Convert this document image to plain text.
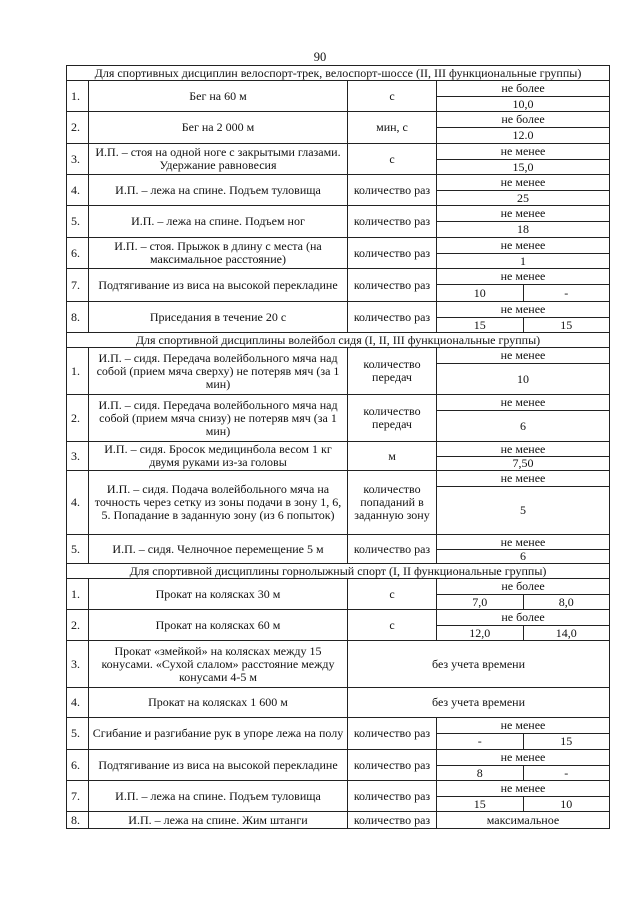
90
Для спортивных дисциплин велоспорт-трек, велоспорт-шоссе (II, III функциональные группы)			
1.	Бег на 60 м	с	не более
10,0

2.	Бег на 2 000 м	мин, с	не более
12.0

3.	И.П. – стоя на одной ноге с закрытыми глазами. Удержание равновесия	с	не менее
15,0

4.	И.П. – лежа на спине. Подъем туловища	количество раз	не менее
25

5.	И.П. – лежа на спине. Подъем ног	количество раз	не менее
18

6.	И.П. – стоя. Прыжок в длину с места (на максимальное расстояние)	количество раз	не менее
1

7.	Подтягивание из виса на высокой перекладине	количество раз	не менее
10 -

8.	Приседания в течение 20 с	количество раз	не менее
15 15

Для спортивной дисциплины волейбол сидя (I, II, III функциональные группы)			
1.	И.П. – сидя. Передача волейбольного мяча над собой (прием мяча сверху) не потеряв мяч (за 1 мин)	количество передач	не менее
10

2.	И.П. – сидя. Передача волейбольного мяча над собой (прием мяча снизу) не потеряв мяч (за 1 мин)	количество передач	не менее
6

3.	И.П. – сидя. Бросок медицинбола весом 1 кг двумя руками из-за головы	м	не менее
7,50

4.	И.П. – сидя. Подача волейбольного мяча на точность через сетку из зоны подачи в зону 1, 6, 5. Попадание в заданную зону (из 6 попыток)	количество попаданий в заданную зону	не менее
5

5.	И.П. – сидя. Челночное перемещение 5 м	количество раз	не менее
6

Для спортивной дисциплины горнолыжный спорт (I, II функциональные группы)			
1.	Прокат на колясках 30 м	с	не более
7,0 8,0

2.	Прокат на колясках 60 м	с	не более
12,0 14,0

3.	Прокат «змейкой» на колясках между 15 конусами. «Сухой слалом» расстояние между конусами 4-5 м	без учета времени	
4.	Прокат на колясках 1 600 м	без учета времени	
5.	Сгибание и разгибание рук в упоре лежа на полу	количество раз	не менее
- 15

6.	Подтягивание из виса на высокой перекладине	количество раз	не менее
8 -

7.	И.П. – лежа на спине. Подъем туловища	количество раз	не менее
15 10

8.	И.П. – лежа на спине. Жим штанги	количество раз	максимальное
